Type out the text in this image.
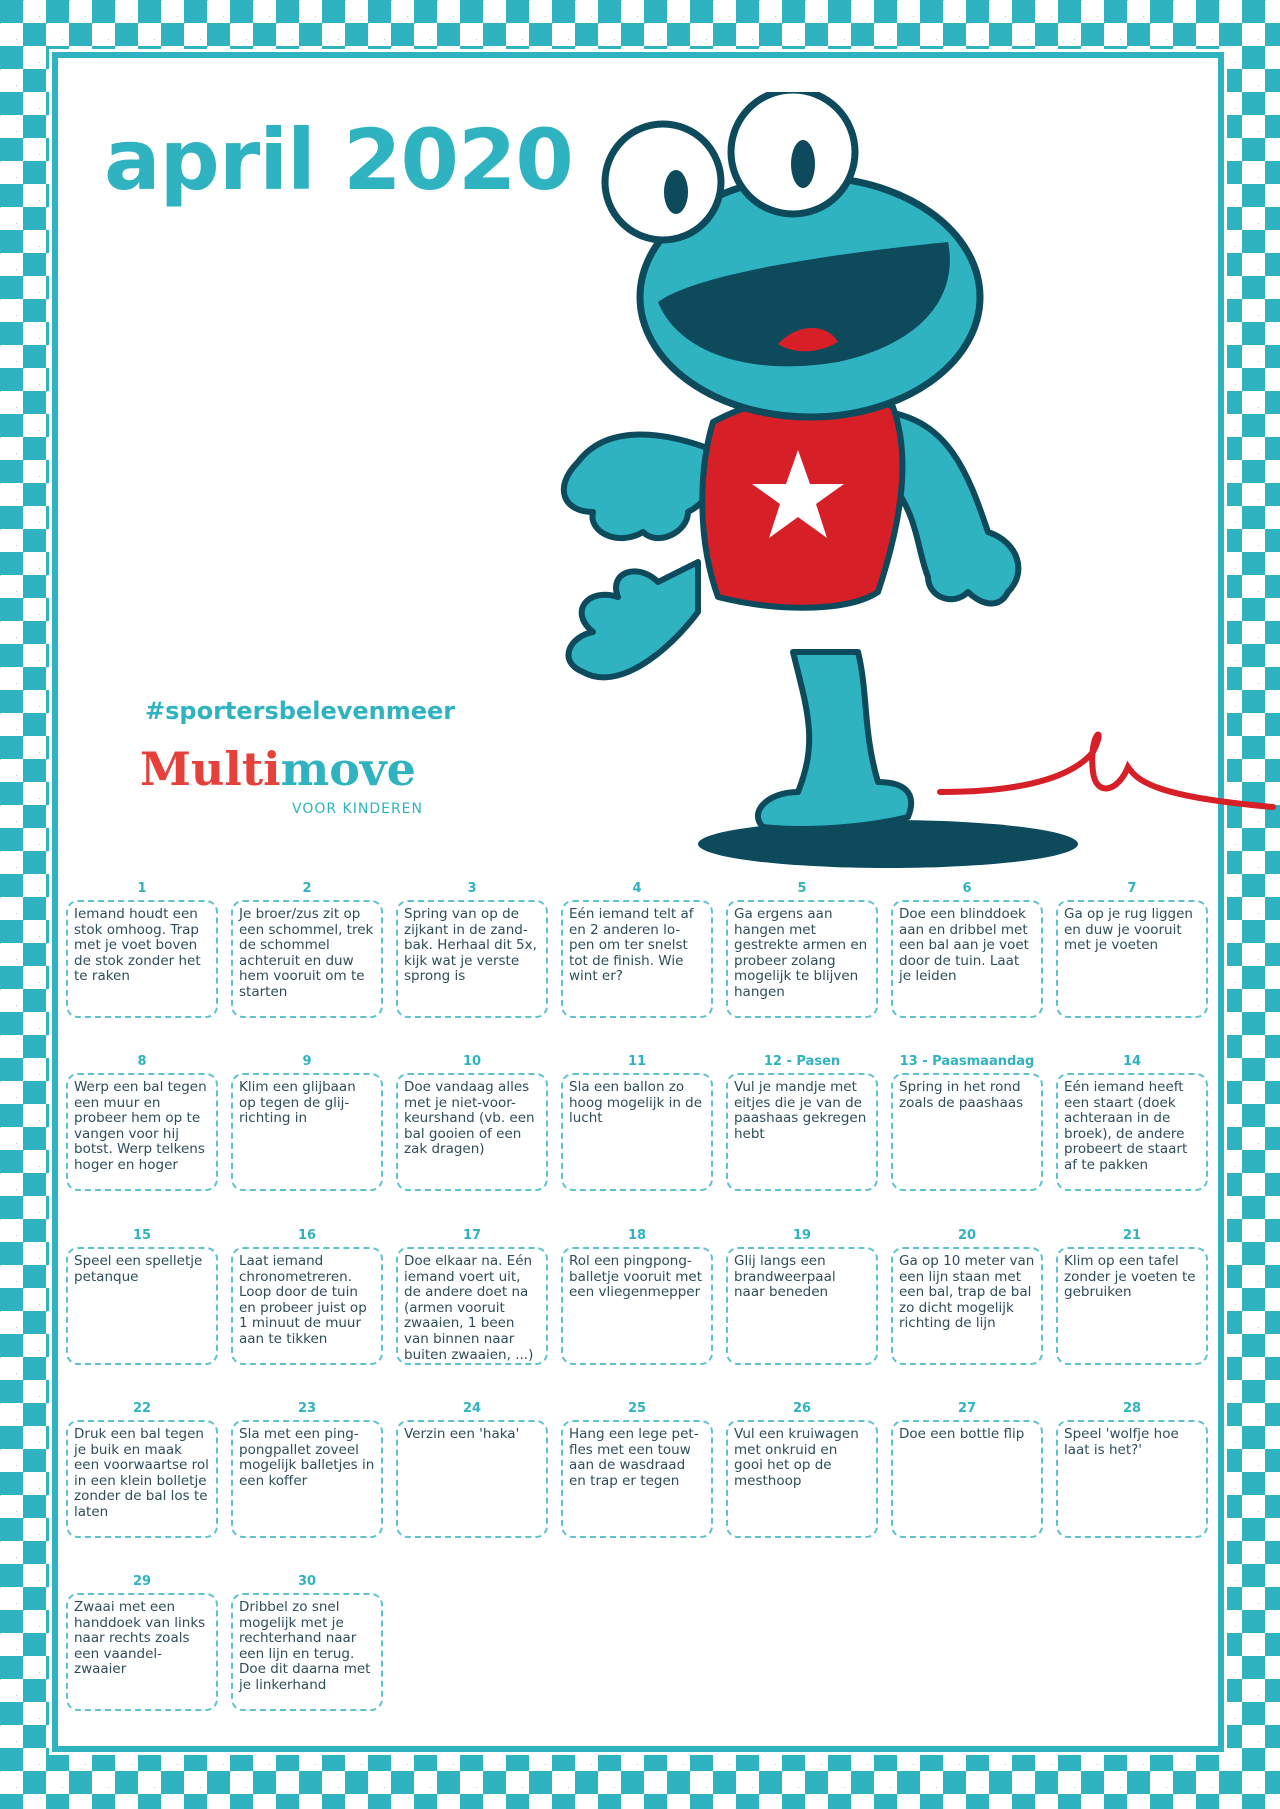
april 2020
#sportersbelevenmeer
Multimove
VOOR KINDEREN
1
Iemand houdt een stok omhoog. Trap met je voet boven de stok zonder het te raken
2
Je broer/zus zit op een schommel, trek de schommel achteruit en duw hem vooruit om te starten
3
Spring van op de zijkant in de zand-bak. Herhaal dit 5x, kijk wat je verste sprong is
4
Eén iemand telt af en 2 anderen lo-pen om ter snelst tot de finish. Wie wint er?
5
Ga ergens aan hangen met gestrekte armen en probeer zolang mogelijk te blijven hangen
6
Doe een blinddoek aan en dribbel met een bal aan je voet door de tuin. Laat je leiden
7
Ga op je rug liggen en duw je vooruit met je voeten
8
Werp een bal tegen een muur en probeer hem op te vangen voor hij botst. Werp telkens hoger en hoger
9
Klim een glijbaan op tegen de glij-richting in
10
Doe vandaag alles met je niet-voor-keurshand (vb. een bal gooien of een zak dragen)
11
Sla een ballon zo hoog mogelijk in de lucht
12 - Pasen
Vul je mandje met eitjes die je van de paashaas gekregen hebt
13 - Paasmaandag
Spring in het rond zoals de paashaas
14
Eén iemand heeft een staart (doek achteraan in de broek), de andere probeert de staart af te pakken
15
Speel een spelletje petanque
16
Laat iemand chronometreren. Loop door de tuin en probeer juist op 1 minuut de muur aan te tikken
17
Doe elkaar na. Eén iemand voert uit, de andere doet na (armen vooruit zwaaien, 1 been van binnen naar buiten zwaaien, ...)
18
Rol een pingpong-balletje vooruit met een vliegenmepper
19
Glij langs een brandweerpaal naar beneden
20
Ga op 10 meter van een lijn staan met een bal, trap de bal zo dicht mogelijk richting de lijn
21
Klim op een tafel zonder je voeten te gebruiken
22
Druk een bal tegen je buik en maak een voorwaartse rol in een klein bolletje zonder de bal los te laten
23
Sla met een ping-pongpallet zoveel mogelijk balletjes in een koffer
24
Verzin een 'haka'
25
Hang een lege pet-fles met een touw aan de wasdraad en trap er tegen
26
Vul een kruiwagen met onkruid en gooi het op de mesthoop
27
Doe een bottle flip
28
Speel 'wolfje hoe laat is het?'
29
Zwaai met een handdoek van links naar rechts zoals een vaandel-zwaaier
30
Dribbel zo snel mogelijk met je rechterhand naar een lijn en terug. Doe dit daarna met je linkerhand
